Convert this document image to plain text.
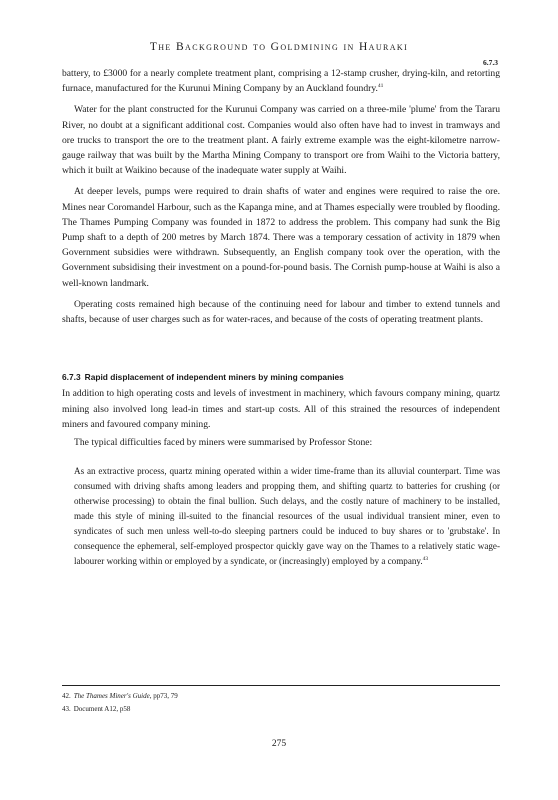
The Background to Goldmining in Hauraki
6.7.3

battery, to £3000 for a nearly complete treatment plant, comprising a 12-stamp crusher, drying-kiln, and retorting furnace, manufactured for the Kurunui Mining Company by an Auckland foundry.$^{41}$

Water for the plant constructed for the Kurunui Company was carried on a three-mile 'plume' from the Tararu River, no doubt at a significant additional cost. Companies would also often have had to invest in tramways and ore trucks to transport the ore to the treatment plant. A fairly extreme example was the eight-kilometre narrow-gauge railway that was built by the Martha Mining Company to transport ore from Waihi to the Victoria battery, which it built at Waikino because of the inadequate water supply at Waihi.

At deeper levels, pumps were required to drain shafts of water and engines were required to raise the ore. Mines near Coromandel Harbour, such as the Kapanga mine, and at Thames especially were troubled by flooding. The Thames Pumping Company was founded in 1872 to address the problem. This company had sunk the Big Pump shaft to a depth of 200 metres by March 1874. There was a temporary cessation of activity in 1879 when Government subsidies were withdrawn. Subsequently, an English company took over the operation, with the Government subsidising their investment on a pound-for-pound basis. The Cornish pump-house at Waihi is also a well-known landmark.

Operating costs remained high because of the continuing need for labour and timber to extend tunnels and shafts, because of user charges such as for water-races, and because of the costs of operating treatment plants.

6.7.3 Rapid displacement of independent miners by mining companies

In addition to high operating costs and levels of investment in machinery, which favours company mining, quartz mining also involved long lead-in times and start-up costs. All of this strained the resources of independent miners and favoured company mining.

The typical difficulties faced by miners were summarised by Professor Stone:

As an extractive process, quartz mining operated within a wider time-frame than its alluvial counterpart. Time was consumed with driving shafts among leaders and propping them, and shifting quartz to batteries for crushing (or otherwise processing) to obtain the final bullion. Such delays, and the costly nature of machinery to be installed, made this style of mining ill-suited to the financial resources of the usual individual transient miner, even to syndicates of such men unless well-to-do sleeping partners could be induced to buy shares or to 'grubstake'. In consequence the ephemeral, self-employed prospector quickly gave way on the Thames to a relatively static wage-labourer working within or employed by a syndicate, or (increasingly) employed by a company.$^{43}$

42. The Thames Miner's Guide, pp73, 79
43. Document A12, p58
275
